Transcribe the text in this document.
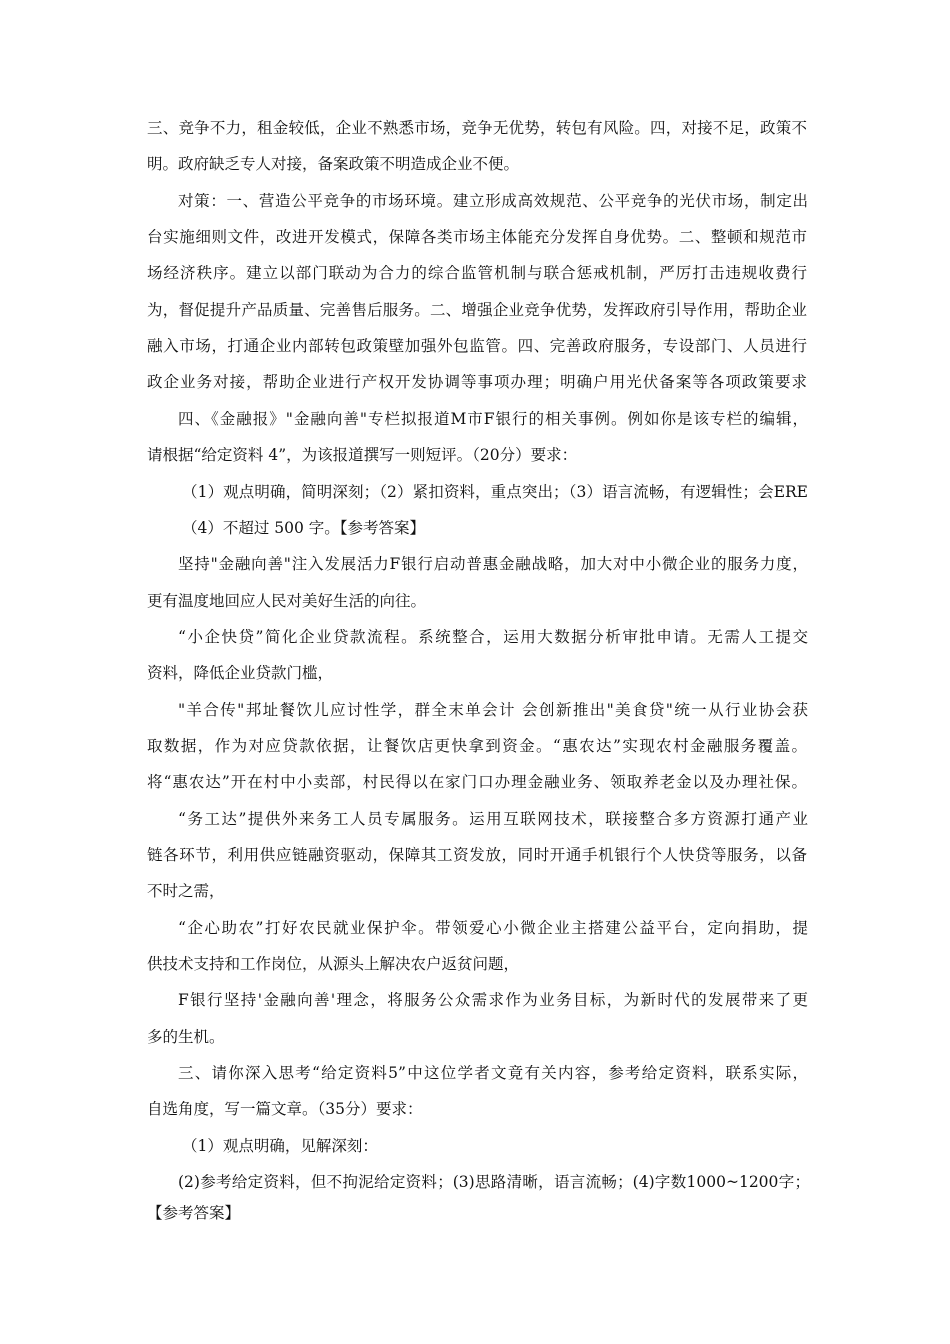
三、竞争不力，租金较低，企业不熟悉市场，竞争无优势，转包有风险。四，对接不足，政策不
明。政府缺乏专人对接，备案政策不明造成企业不便。
对策：一、营造公平竞争的市场环境。建立形成高效规范、公平竞争的光伏市场，制定出
台实施细则文件，改进开发模式，保障各类市场主体能充分发挥自身优势。二、整顿和规范市
场经济秩序。建立以部门联动为合力的综合监管机制与联合惩戒机制，严厉打击违规收费行
为，督促提升产品质量、完善售后服务。二、增强企业竞争优势，发挥政府引导作用，帮助企业
融入市场，打通企业内部转包政策壁加强外包监管。四、完善政府服务，专设部门、人员进行
政企业务对接，帮助企业进行产权开发协调等事项办理；明确户用光伏备案等各项政策要求
四、《金融报》"金融向善"专栏拟报道M市F银行的相关事例。例如你是该专栏的编辑，
请根据“给定资料 4”，为该报道撰写一则短评。（20分）要求：
（1）观点明确，简明深刻；（2）紧扣资料，重点突出；（3）语言流畅，有逻辑性；会ERE
（4）不超过 500 字。【参考答案】
坚持"金融向善"注入发展活力F银行启动普惠金融战略，加大对中小微企业的服务力度，
更有温度地回应人民对美好生活的向往。
“小企快贷”简化企业贷款流程。系统整合，运用大数据分析审批申请。无需人工提交
资料，降低企业贷款门槛，
"羊合传"邦址餐饮儿应讨性学，群全末单会计 会创新推出"美食贷"统一从行业协会获
取数据，作为对应贷款依据，让餐饮店更快拿到资金。“惠农达”实现农村金融服务覆盖。
将“惠农达”开在村中小卖部，村民得以在家门口办理金融业务、领取养老金以及办理社保。
“务工达”提供外来务工人员专属服务。运用互联网技术，联接整合多方资源打通产业
链各环节，利用供应链融资驱动，保障其工资发放，同时开通手机银行个人快贷等服务，以备
不时之需，
“企心助农”打好农民就业保护伞。带领爱心小微企业主搭建公益平台，定向捐助，提
供技术支持和工作岗位，从源头上解决农户返贫问题，
F银行坚持'金融向善'理念，将服务公众需求作为业务目标，为新时代的发展带来了更
多的生机。
三、请你深入思考“给定资料5”中这位学者文竟有关内容，参考给定资料，联系实际，
自选角度，写一篇文章。（35分）要求：
（1）观点明确，见解深刻：
(2)参考给定资料，但不拘泥给定资料；(3)思路清晰，语言流畅；(4)字数1000~1200字；
【参考答案】
